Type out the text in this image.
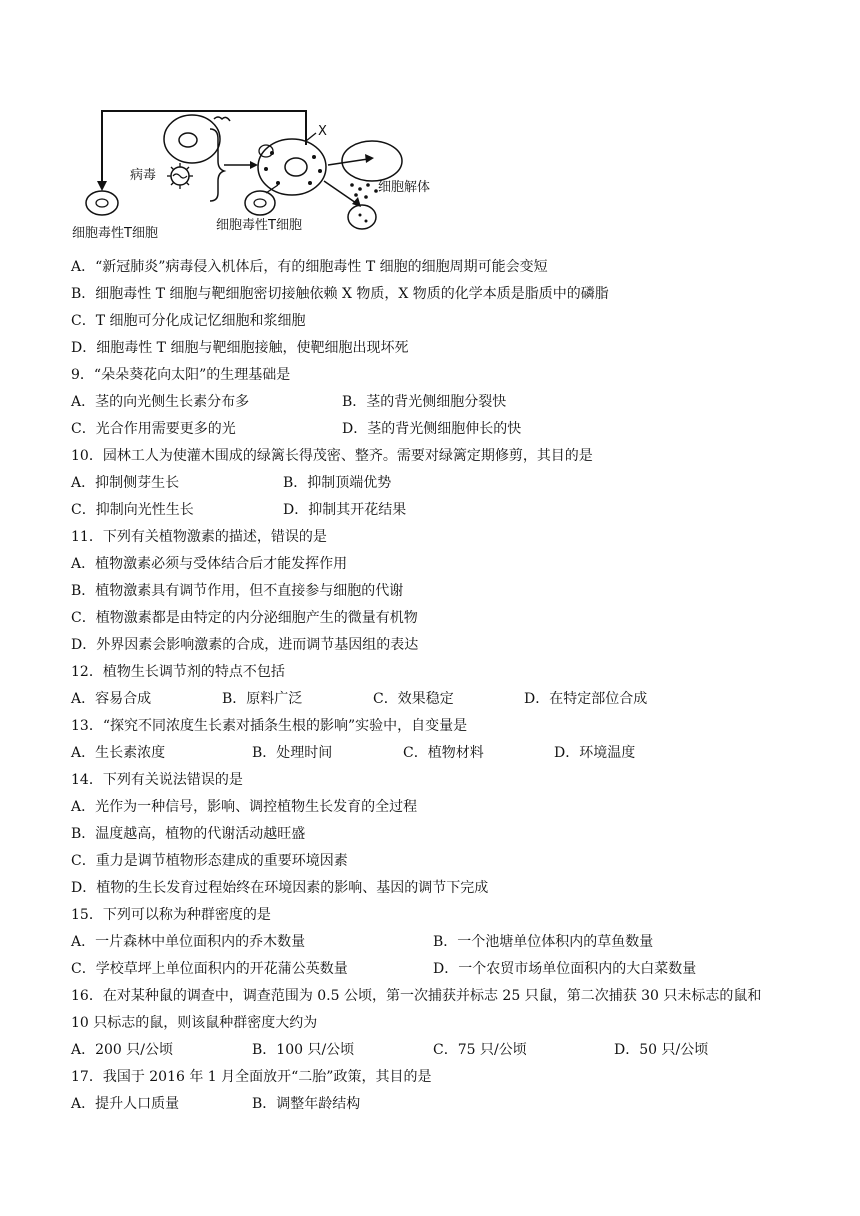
X
细胞毒性T细胞
细胞解体
细胞毒性T细胞
病毒
A．“新冠肺炎”病毒侵入机体后，有的细胞毒性 T 细胞的细胞周期可能会变短
B．细胞毒性 T 细胞与靶细胞密切接触依赖 X 物质，X 物质的化学本质是脂质中的磷脂
C．T 细胞可分化成记忆细胞和浆细胞
D．细胞毒性 T 细胞与靶细胞接触，使靶细胞出现坏死
9．“朵朵葵花向太阳”的生理基础是
A．茎的向光侧生长素分布多	B．茎的背光侧细胞分裂快
C．光合作用需要更多的光	D．茎的背光侧细胞伸长的快
10．园林工人为使灌木围成的绿篱长得茂密、整齐。需要对绿篱定期修剪，其目的是
A．抑制侧芽生长	B．抑制顶端优势
C．抑制向光性生长	D．抑制其开花结果
11．下列有关植物激素的描述，错误的是
A．植物激素必须与受体结合后才能发挥作用
B．植物激素具有调节作用，但不直接参与细胞的代谢
C．植物激素都是由特定的内分泌细胞产生的微量有机物
D．外界因素会影响激素的合成，进而调节基因组的表达
12．植物生长调节剂的特点不包括
A．容易合成	B．原料广泛	C．效果稳定	D．在特定部位合成
13．“探究不同浓度生长素对插条生根的影响”实验中，自变量是
A．生长素浓度	B．处理时间	C．植物材料	D．环境温度
14．下列有关说法错误的是
A．光作为一种信号，影响、调控植物生长发育的全过程
B．温度越高，植物的代谢活动越旺盛
C．重力是调节植物形态建成的重要环境因素
D．植物的生长发育过程始终在环境因素的影响、基因的调节下完成
15．下列可以称为种群密度的是
A．一片森林中单位面积内的乔木数量	B．一个池塘单位体积内的草鱼数量
C．学校草坪上单位面积内的开花蒲公英数量	D．一个农贸市场单位面积内的大白菜数量
16．在对某种鼠的调查中，调查范围为 0.5 公顷，第一次捕获并标志 25 只鼠，第二次捕获 30 只未标志的鼠和
10 只标志的鼠，则该鼠种群密度大约为
A．200 只/公顷	B．100 只/公顷	C．75 只/公顷	D．50 只/公顷
17．我国于 2016 年 1 月全面放开“二胎”政策，其目的是
A．提升人口质量	B．调整年龄结构
